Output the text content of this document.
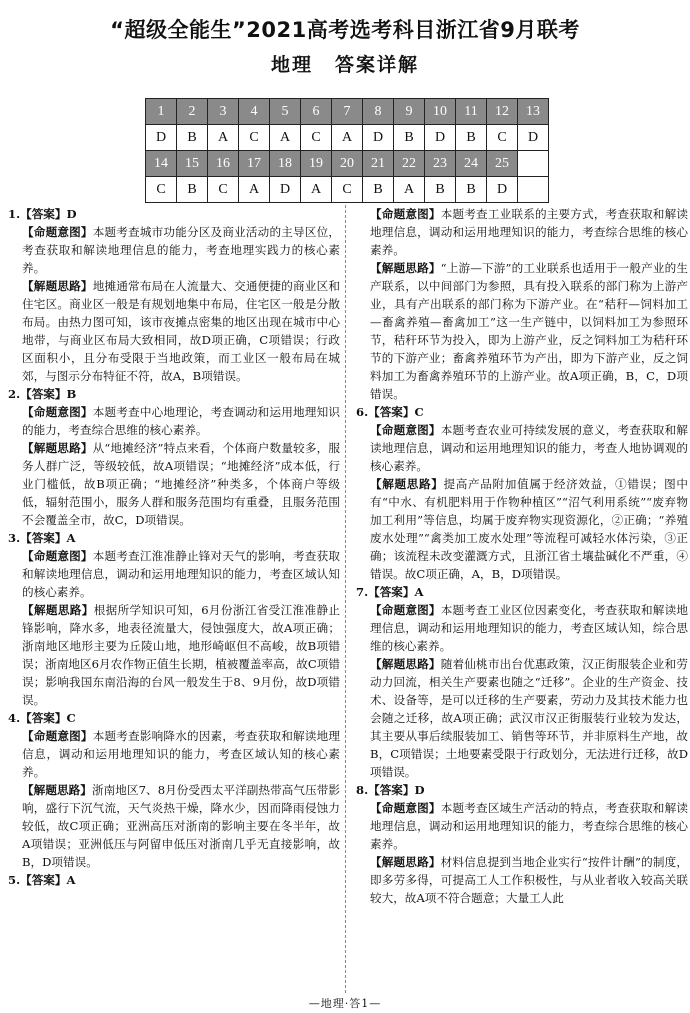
“超级全能生”2021高考选考科目浙江省9月联考
地理 答案详解
1	2	3	4	5	6	7	8	9	10	11	12	13
D	B	A	C	A	C	A	D	B	D	B	C	D
14	15	16	17	18	19	20	21	22	23	24	25	
C	B	C	A	D	A	C	B	A	B	B	D	

1.【答案】D

【命题意图】本题考查城市功能分区及商业活动的主导区位，考查获取和解读地理信息的能力，考查地理实践力的核心素养。

【解题思路】地摊通常布局在人流量大、交通便捷的商业区和住宅区。商业区一般是有规划地集中布局，住宅区一般是分散布局。由热力图可知，该市夜摊点密集的地区出现在城市中心地带，与商业区布局大致相同，故D项正确，C项错误；行政区面积小，且分布受限于当地政策，而工业区一般布局在城郊，与图示分布特征不符，故A，B项错误。

2.【答案】B

【命题意图】本题考查中心地理论，考查调动和运用地理知识的能力，考查综合思维的核心素养。

【解题思路】从“地摊经济”特点来看，个体商户数量较多，服务人群广泛，等级较低，故A项错误；“地摊经济”成本低，行业门槛低，故B项正确；“地摊经济”种类多，个体商户等级低，辐射范围小，服务人群和服务范围均有重叠，且服务范围不会覆盖全市，故C，D项错误。

3.【答案】A

【命题意图】本题考查江淮准静止锋对天气的影响，考查获取和解读地理信息，调动和运用地理知识的能力，考查区域认知的核心素养。

【解题思路】根据所学知识可知，6月份浙江省受江淮准静止锋影响，降水多，地表径流量大，侵蚀强度大，故A项正确；浙南地区地形主要为丘陵山地，地形崎岖但不高峻，故B项错误；浙南地区6月农作物正值生长期，植被覆盖率高，故C项错误；影响我国东南沿海的台风一般发生于8、9月份，故D项错误。

4.【答案】C

【命题意图】本题考查影响降水的因素，考查获取和解读地理信息，调动和运用地理知识的能力，考查区域认知的核心素养。

【解题思路】浙南地区7、8月份受西太平洋副热带高气压带影响，盛行下沉气流，天气炎热干燥，降水少，因而降雨侵蚀力较低，故C项正确；亚洲高压对浙南的影响主要在冬半年，故A项错误；亚洲低压与阿留申低压对浙南几乎无直接影响，故B，D项错误。

5.【答案】A

【命题意图】本题考查工业联系的主要方式，考查获取和解读地理信息，调动和运用地理知识的能力，考查综合思维的核心素养。

【解题思路】“上游—下游”的工业联系也适用于一般产业的生产联系，以中间部门为参照，具有投入联系的部门称为上游产业，具有产出联系的部门称为下游产业。在“秸秆—饲料加工—畜禽养殖—畜禽加工”这一生产链中，以饲料加工为参照环节，秸秆环节为投入，即为上游产业，反之饲料加工为秸秆环节的下游产业；畜禽养殖环节为产出，即为下游产业，反之饲料加工为畜禽养殖环节的上游产业。故A项正确，B，C，D项错误。

6.【答案】C

【命题意图】本题考查农业可持续发展的意义，考查获取和解读地理信息，调动和运用地理知识的能力，考查人地协调观的核心素养。

【解题思路】提高产品附加值属于经济效益，①错误；图中有“中水、有机肥料用于作物种植区”“沼气利用系统”“废弃物加工利用”等信息，均属于废弃物实现资源化，②正确；“养殖废水处理”“禽类加工废水处理”等流程可减轻水体污染，③正确；该流程未改变灌溉方式，且浙江省土壤盐碱化不严重，④错误。故C项正确，A，B，D项错误。

7.【答案】A

【命题意图】本题考查工业区位因素变化，考查获取和解读地理信息，调动和运用地理知识的能力，考查区域认知，综合思维的核心素养。

【解题思路】随着仙桃市出台优惠政策，汉正街服装企业和劳动力回流，相关生产要素也随之“迁移”。企业的生产资金、技术、设备等，是可以迁移的生产要素，劳动力及其技术能力也会随之迁移，故A项正确；武汉市汉正街服装行业较为发达，其主要从事后续服装加工、销售等环节，并非原料生产地，故B，C项错误；土地要素受限于行政划分，无法进行迁移，故D项错误。

8.【答案】D

【命题意图】本题考查区域生产活动的特点，考查获取和解读地理信息，调动和运用地理知识的能力，考查综合思维的核心素养。

【解题思路】材料信息提到当地企业实行“按件计酬”的制度，即多劳多得，可提高工人工作积极性，与从业者收入较高关联较大，故A项不符合题意；大量工人此

—地理·答1—
